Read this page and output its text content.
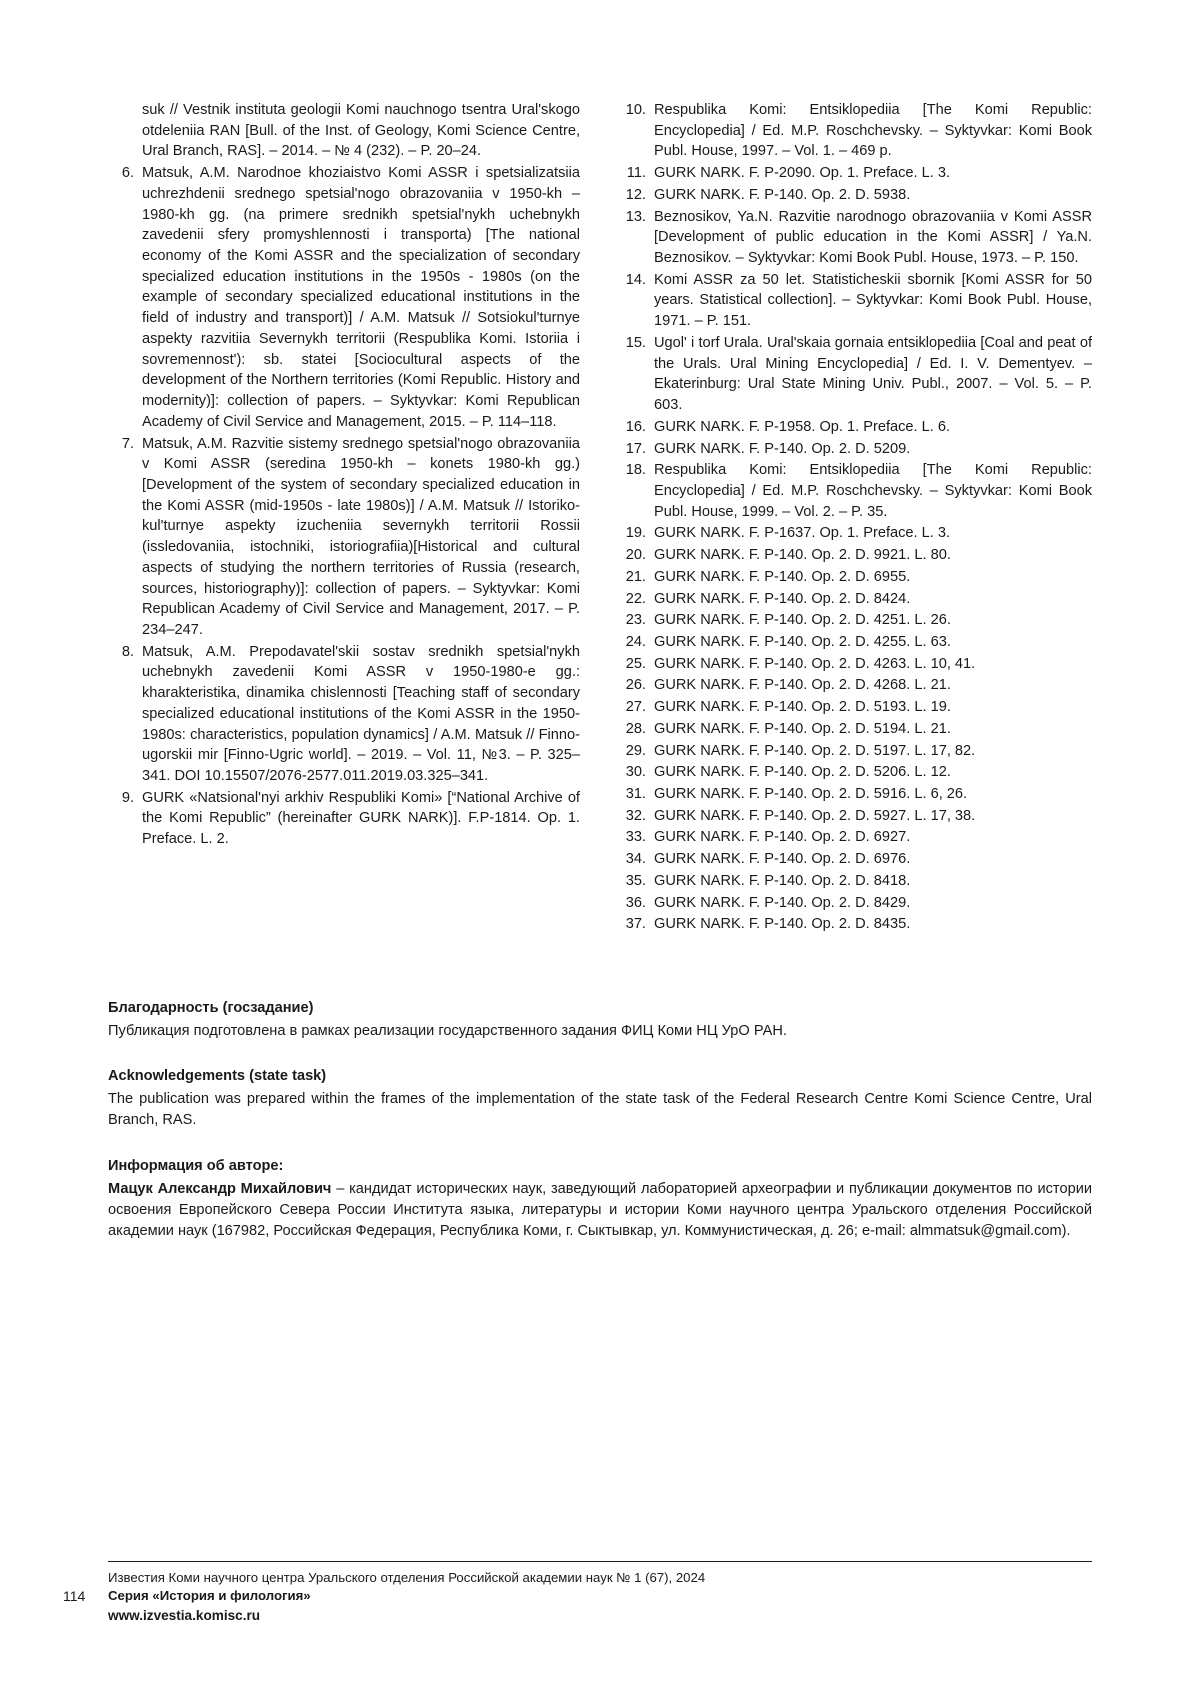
suk // Vestnik instituta geologii Komi nauchnogo tsentra Ural'skogo otdeleniia RAN [Bull. of the Inst. of Geology, Komi Science Centre, Ural Branch, RAS]. – 2014. – № 4 (232). – P. 20–24.
6. Matsuk, A.M. Narodnoe khoziaistvo Komi ASSR i spetsializatsiia uchrezhdenii srednego spetsial'nogo obrazovaniia v 1950-kh – 1980-kh gg. (na primere srednikh spetsial'nykh uchebnykh zavedenii sfery promyshlennosti i transporta) [The national economy of the Komi ASSR and the specialization of secondary specialized education institutions in the 1950s - 1980s (on the example of secondary specialized educational institutions in the field of industry and transport)] / A.M. Matsuk // Sotsiokul'turnye aspekty razvitiia Severnykh territorii (Respublika Komi. Istoriia i sovremennost'): sb. statei [Sociocultural aspects of the development of the Northern territories (Komi Republic. History and modernity)]: collection of papers. – Syktyvkar: Komi Republican Academy of Civil Service and Management, 2015. – P. 114–118.
7. Matsuk, A.M. Razvitie sistemy srednego spetsial'nogo obrazovaniia v Komi ASSR (seredina 1950-kh – konets 1980-kh gg.) [Development of the system of secondary specialized education in the Komi ASSR (mid-1950s - late 1980s)] / A.M. Matsuk // Istoriko-kul'turnye aspekty izucheniia severnykh territorii Rossii (issledovaniia, istochniki, istoriografiia)[Historical and cultural aspects of studying the northern territories of Russia (research, sources, historiography)]: collection of papers. – Syktyvkar: Komi Republican Academy of Civil Service and Management, 2017. – P. 234–247.
8. Matsuk, A.M. Prepodavatel'skii sostav srednikh spetsial'nykh uchebnykh zavedenii Komi ASSR v 1950-1980-e gg.: kharakteristika, dinamika chislennosti [Teaching staff of secondary specialized educational institutions of the Komi ASSR in the 1950-1980s: characteristics, population dynamics] / A.M. Matsuk // Finno-ugorskii mir [Finno-Ugric world]. – 2019. – Vol. 11, №3. – P. 325–341. DOI 10.15507/2076-2577.011.2019.03.325–341.
9. GURK «Natsional'nyi arkhiv Respubliki Komi» [“National Archive of the Komi Republic” (hereinafter GURK NARK)]. F.P-1814. Op. 1. Preface. L. 2.
10. Respublika Komi: Entsiklopediia [The Komi Republic: Encyclopedia] / Ed. M.P. Roschchevsky. – Syktyvkar: Komi Book Publ. House, 1997. – Vol. 1. – 469 p.
11. GURK NARK. F. P-2090. Op. 1. Preface. L. 3.
12. GURK NARK. F. P-140. Op. 2. D. 5938.
13. Beznosikov, Ya.N. Razvitie narodnogo obrazovaniia v Komi ASSR [Development of public education in the Komi ASSR] / Ya.N. Beznosikov. – Syktyvkar: Komi Book Publ. House, 1973. – P. 150.
14. Komi ASSR za 50 let. Statisticheskii sbornik [Komi ASSR for 50 years. Statistical collection]. – Syktyvkar: Komi Book Publ. House, 1971. – P. 151.
15. Ugol' i torf Urala. Ural'skaia gornaia entsiklopediia [Coal and peat of the Urals. Ural Mining Encyclopedia] / Ed. I. V. Dementyev. – Ekaterinburg: Ural State Mining Univ. Publ., 2007. – Vol. 5. – P. 603.
16. GURK NARK. F. P-1958. Op. 1. Preface. L. 6.
17. GURK NARK. F. P-140. Op. 2. D. 5209.
18. Respublika Komi: Entsiklopediia [The Komi Republic: Encyclopedia] / Ed. M.P. Roschchevsky. – Syktyvkar: Komi Book Publ. House, 1999. – Vol. 2. – P. 35.
19. GURK NARK. F. P-1637. Op. 1. Preface. L. 3.
20. GURK NARK. F. P-140. Op. 2. D. 9921. L. 80.
21. GURK NARK. F. P-140. Op. 2. D. 6955.
22. GURK NARK. F. P-140. Op. 2. D. 8424.
23. GURK NARK. F. P-140. Op. 2. D. 4251. L. 26.
24. GURK NARK. F. P-140. Op. 2. D. 4255. L. 63.
25. GURK NARK. F. P-140. Op. 2. D. 4263. L. 10, 41.
26. GURK NARK. F. P-140. Op. 2. D. 4268. L. 21.
27. GURK NARK. F. P-140. Op. 2. D. 5193. L. 19.
28. GURK NARK. F. P-140. Op. 2. D. 5194. L. 21.
29. GURK NARK. F. P-140. Op. 2. D. 5197. L. 17, 82.
30. GURK NARK. F. P-140. Op. 2. D. 5206. L. 12.
31. GURK NARK. F. P-140. Op. 2. D. 5916. L. 6, 26.
32. GURK NARK. F. P-140. Op. 2. D. 5927. L. 17, 38.
33. GURK NARK. F. P-140. Op. 2. D. 6927.
34. GURK NARK. F. P-140. Op. 2. D. 6976.
35. GURK NARK. F. P-140. Op. 2. D. 8418.
36. GURK NARK. F. P-140. Op. 2. D. 8429.
37. GURK NARK. F. P-140. Op. 2. D. 8435.
Благодарность (госзадание)
Публикация подготовлена в рамках реализации государственного задания ФИЦ Коми НЦ УрО РАН.
Acknowledgements (state task)
The publication was prepared within the frames of the implementation of the state task of the Federal Research Centre Komi Science Centre, Ural Branch, RAS.
Информация об авторе:
Мацук Александр Михайлович – кандидат исторических наук, заведующий лабораторией археографии и публикации документов по истории освоения Европейского Севера России Института языка, литературы и истории Коми научного центра Уральского отделения Российской академии наук (167982, Российская Федерация, Республика Коми, г. Сыктывкар, ул. Коммунистическая, д. 26; e-mail: almmatsuk@gmail.com).
114
Известия Коми научного центра Уральского отделения Российской академии наук № 1 (67), 2024
Серия «История и филология»
www.izvestia.komisc.ru
